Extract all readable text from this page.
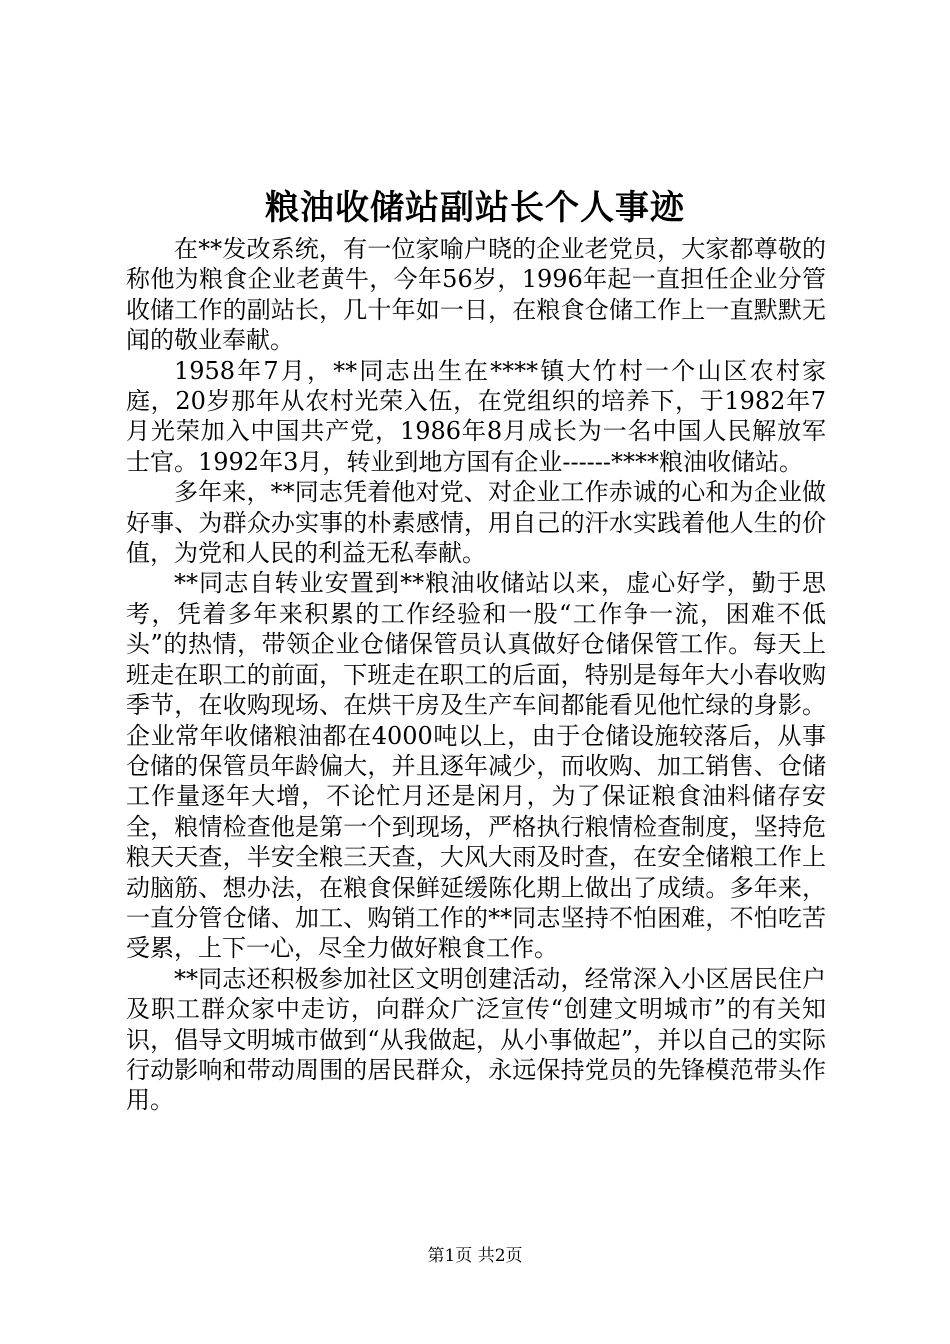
粮油收储站副站长个人事迹

在**发改系统，有一位家喻户晓的企业老党员，大家都尊敬的称他为粮食企业老黄牛，今年56岁，1996年起一直担任企业分管收储工作的副站长，几十年如一日，在粮食仓储工作上一直默默无闻的敬业奉献。

1958年7月，**同志出生在****镇大竹村一个山区农村家庭，20岁那年从农村光荣入伍，在党组织的培养下，于1982年7月光荣加入中国共产党，1986年8月成长为一名中国人民解放军士官。1992年3月，转业到地方国有企业------****粮油收储站。

多年来，**同志凭着他对党、对企业工作赤诚的心和为企业做好事、为群众办实事的朴素感情，用自己的汗水实践着他人生的价值，为党和人民的利益无私奉献。

**同志自转业安置到**粮油收储站以来，虚心好学，勤于思考，凭着多年来积累的工作经验和一股“工作争一流，困难不低头”的热情，带领企业仓储保管员认真做好仓储保管工作。每天上班走在职工的前面，下班走在职工的后面，特别是每年大小春收购季节，在收购现场、在烘干房及生产车间都能看见他忙绿的身影。企业常年收储粮油都在4000吨以上，由于仓储设施较落后，从事仓储的保管员年龄偏大，并且逐年减少，而收购、加工销售、仓储工作量逐年大增，不论忙月还是闲月，为了保证粮食油料储存安全，粮情检查他是第一个到现场，严格执行粮情检查制度，坚持危粮天天查，半安全粮三天查，大风大雨及时查，在安全储粮工作上动脑筋、想办法，在粮食保鲜延缓陈化期上做出了成绩。多年来，一直分管仓储、加工、购销工作的**同志坚持不怕困难，不怕吃苦受累，上下一心，尽全力做好粮食工作。

**同志还积极参加社区文明创建活动，经常深入小区居民住户及职工群众家中走访，向群众广泛宣传“创建文明城市”的有关知识，倡导文明城市做到“从我做起，从小事做起”，并以自己的实际行动影响和带动周围的居民群众，永远保持党员的先锋模范带头作用。

第1页 共2页
